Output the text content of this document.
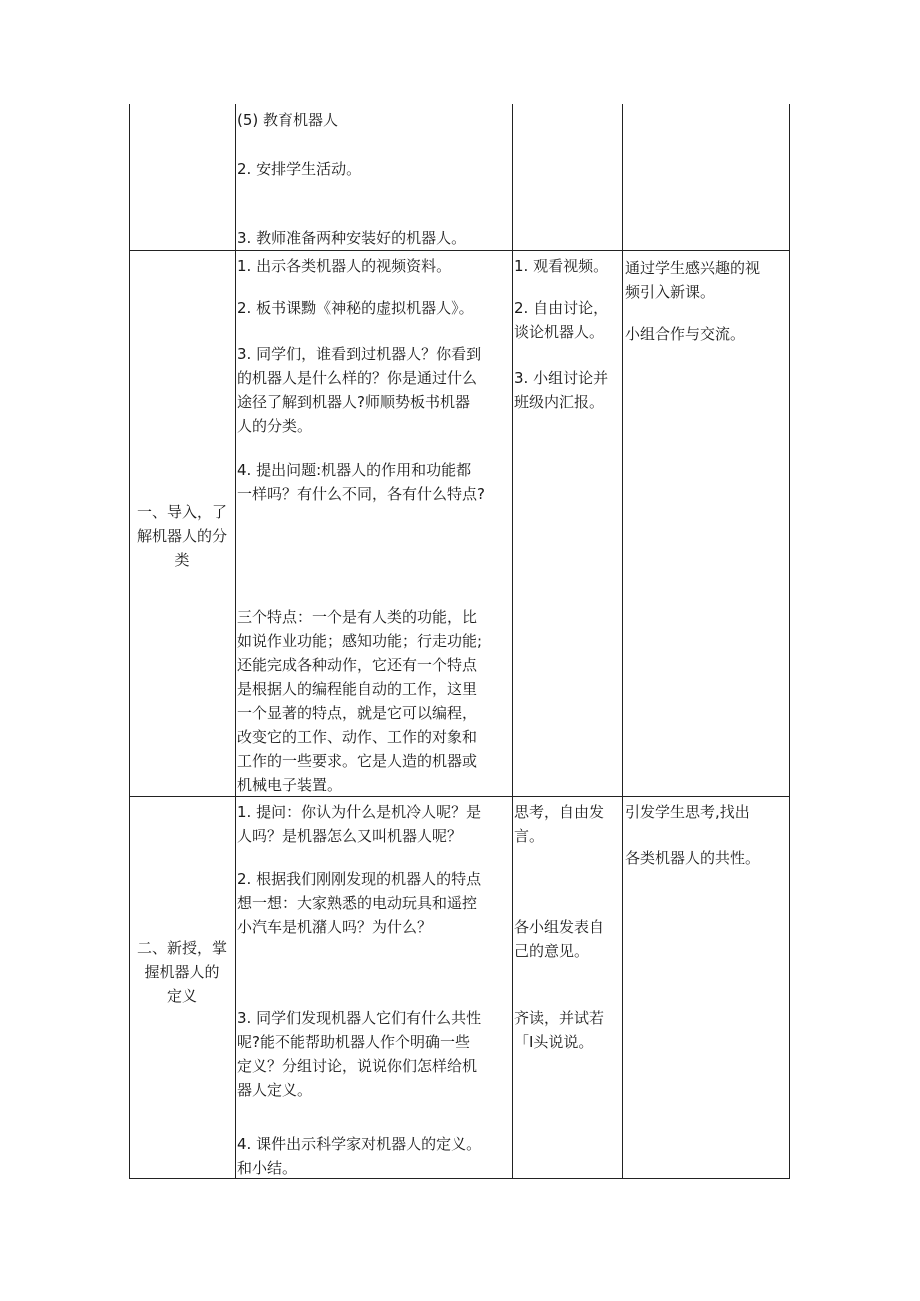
(5) 教育机器人

2. 安排学生活动。

3. 教师准备两种安装好的机器人。

一、导入，了
解机器人的分
类

1. 出示各类机器人的视频资料。

2. 板书课黝《神秘的虚拟机器人》。

3. 同学们，谁看到过机器人？你看到
的机器人是什么样的？你是通过什么
途径了解到机器人?师顺势板书机器
人的分类。

4. 提出问题:机器人的作用和功能都
一样吗？有什么不同，各有什么特点?

三个特点：一个是有人类的功能，比
如说作业功能；感知功能；行走功能;
还能完成各种动作，它还有一个特点
是根据人的编程能自动的工作，这里
一个显著的特点，就是它可以编程，
改变它的工作、动作、工作的对象和
工作的一些要求。它是人造的机器或
机械电子装置。

1. 观看视频。

2. 自由讨论，
谈论机器人。

3. 小组讨论并
班级内汇报。

通过学生感兴趣的视
频引入新课。

小组合作与交流。

二、新授，掌
握机器人的
定义

1. 提问：你认为什么是机冷人呢？是
人吗？是机器怎么又叫机器人呢？

2. 根据我们刚刚发现的机器人的特点
想一想：大家熟悉的电动玩具和遥控
小汽车是机潴人吗？为什么？

3. 同学们发现机器人它们有什么共性
呢?能不能帮助机器人作个明确一些
定义？分组讨论，说说你们怎样给机
器人定义。

4. 课件出示科学家对机器人的定义。
和小结。

思考，自由发
言。

各小组发表自
己的意见。

齐读，并试若
「I头说说。

引发学生思考,找出

各类机器人的共性。
